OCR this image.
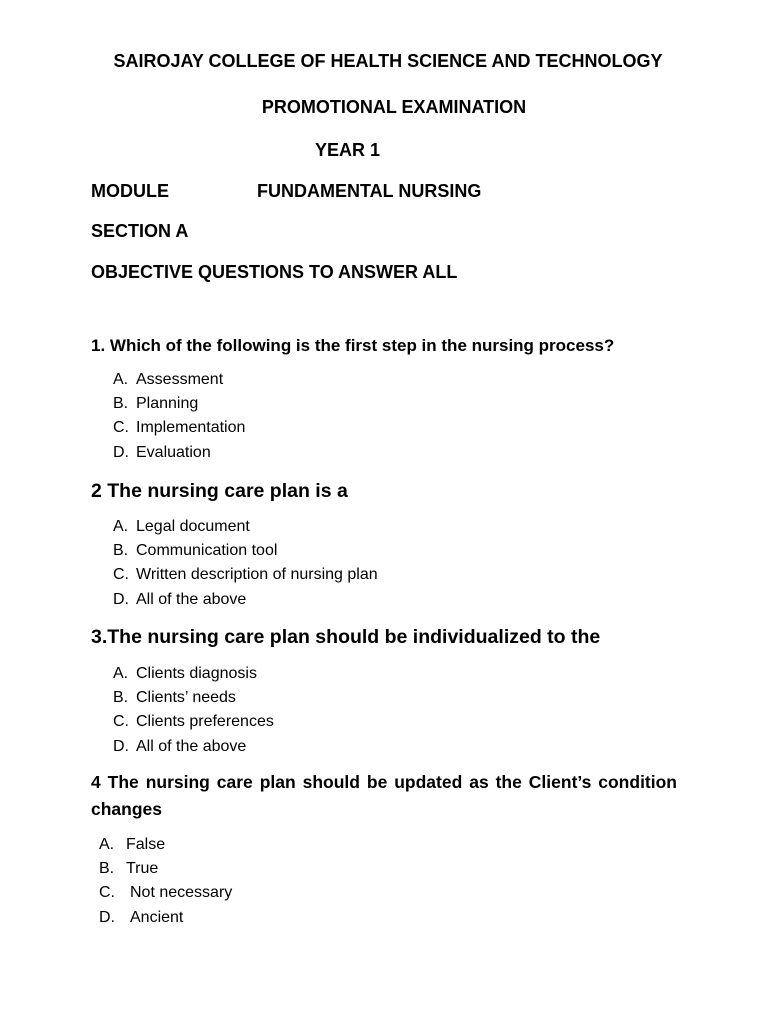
SAIROJAY COLLEGE OF HEALTH SCIENCE AND TECHNOLOGY
PROMOTIONAL EXAMINATION
YEAR 1
MODULE	FUNDAMENTAL NURSING
SECTION A
OBJECTIVE QUESTIONS TO ANSWER ALL
1. Which of the following is the first step in the nursing process?
A. Assessment
B. Planning
C. Implementation
D. Evaluation
2 The nursing care plan is a
A. Legal document
B. Communication tool
C. Written description of nursing plan
D. All of the above
3.The nursing care plan should be individualized to the
A. Clients diagnosis
B. Clients’ needs
C. Clients preferences
D. All of the above
4 The nursing care plan should be updated as the Client’s condition changes
A. False
B. True
C. Not necessary
D. Ancient
